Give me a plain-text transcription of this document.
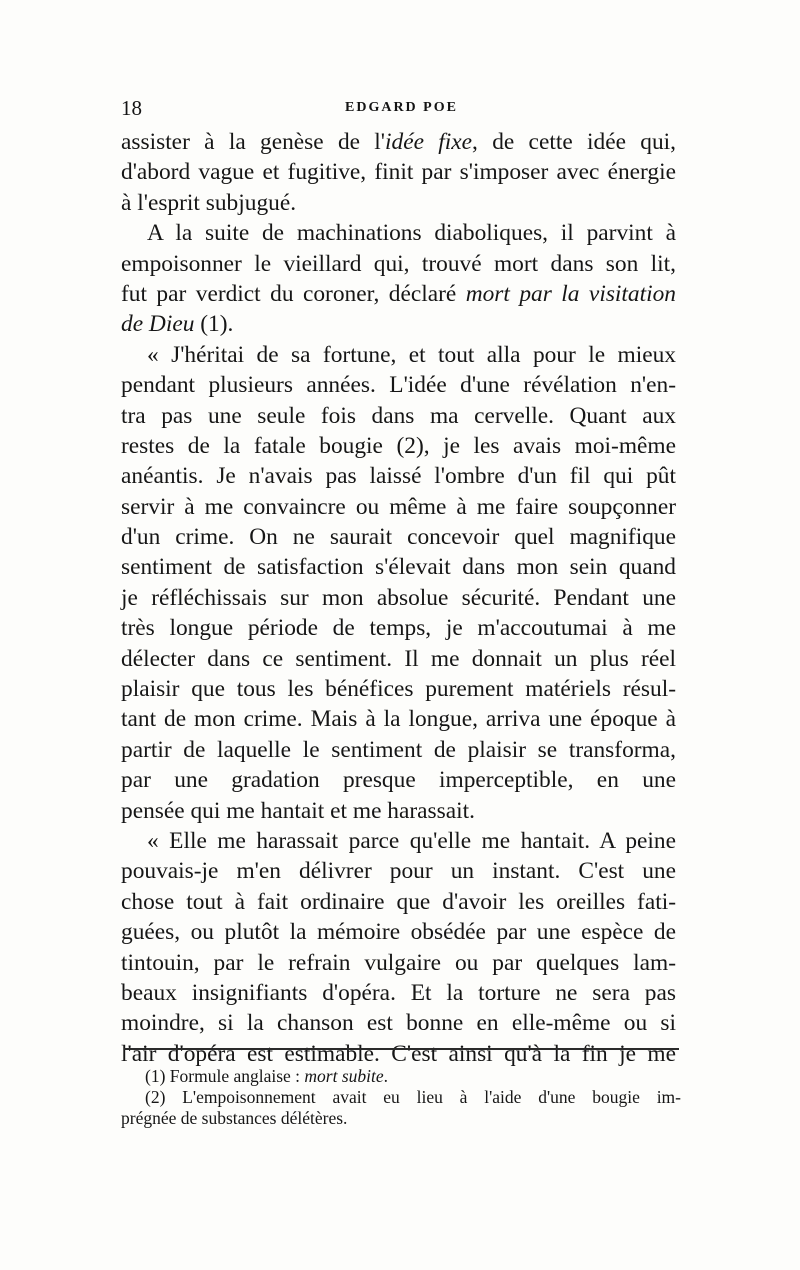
18	EDGARD POE
assister à la genèse de l'idée fixe, de cette idée qui,
d'abord vague et fugitive, finit par s'imposer avec énergie
à l'esprit subjugué.
A la suite de machinations diaboliques, il parvint à
empoisonner le vieillard qui, trouvé mort dans son lit,
fut par verdict du coroner, déclaré mort par la visitation
de Dieu (1).
« J'héritai de sa fortune, et tout alla pour le mieux
pendant plusieurs années. L'idée d'une révélation n'en-
tra pas une seule fois dans ma cervelle. Quant aux
restes de la fatale bougie (2), je les avais moi-même
anéantis. Je n'avais pas laissé l'ombre d'un fil qui pût
servir à me convaincre ou même à me faire soupçonner
d'un crime. On ne saurait concevoir quel magnifique
sentiment de satisfaction s'élevait dans mon sein quand
je réfléchissais sur mon absolue sécurité. Pendant une
très longue période de temps, je m'accoutumai à me
délecter dans ce sentiment. Il me donnait un plus réel
plaisir que tous les bénéfices purement matériels résul-
tant de mon crime. Mais à la longue, arriva une époque à
partir de laquelle le sentiment de plaisir se transforma,
par une gradation presque imperceptible, en une
pensée qui me hantait et me harassait.
« Elle me harassait parce qu'elle me hantait. A peine
pouvais-je m'en délivrer pour un instant. C'est une
chose tout à fait ordinaire que d'avoir les oreilles fati-
guées, ou plutôt la mémoire obsédée par une espèce de
tintouin, par le refrain vulgaire ou par quelques lam-
beaux insignifiants d'opéra. Et la torture ne sera pas
moindre, si la chanson est bonne en elle-même ou si
l'air d'opéra est estimable. C'est ainsi qu'à la fin je me
(1) Formule anglaise : mort subite.
(2) L'empoisonnement avait eu lieu à l'aide d'une bougie im-
prégnée de substances délétères.
